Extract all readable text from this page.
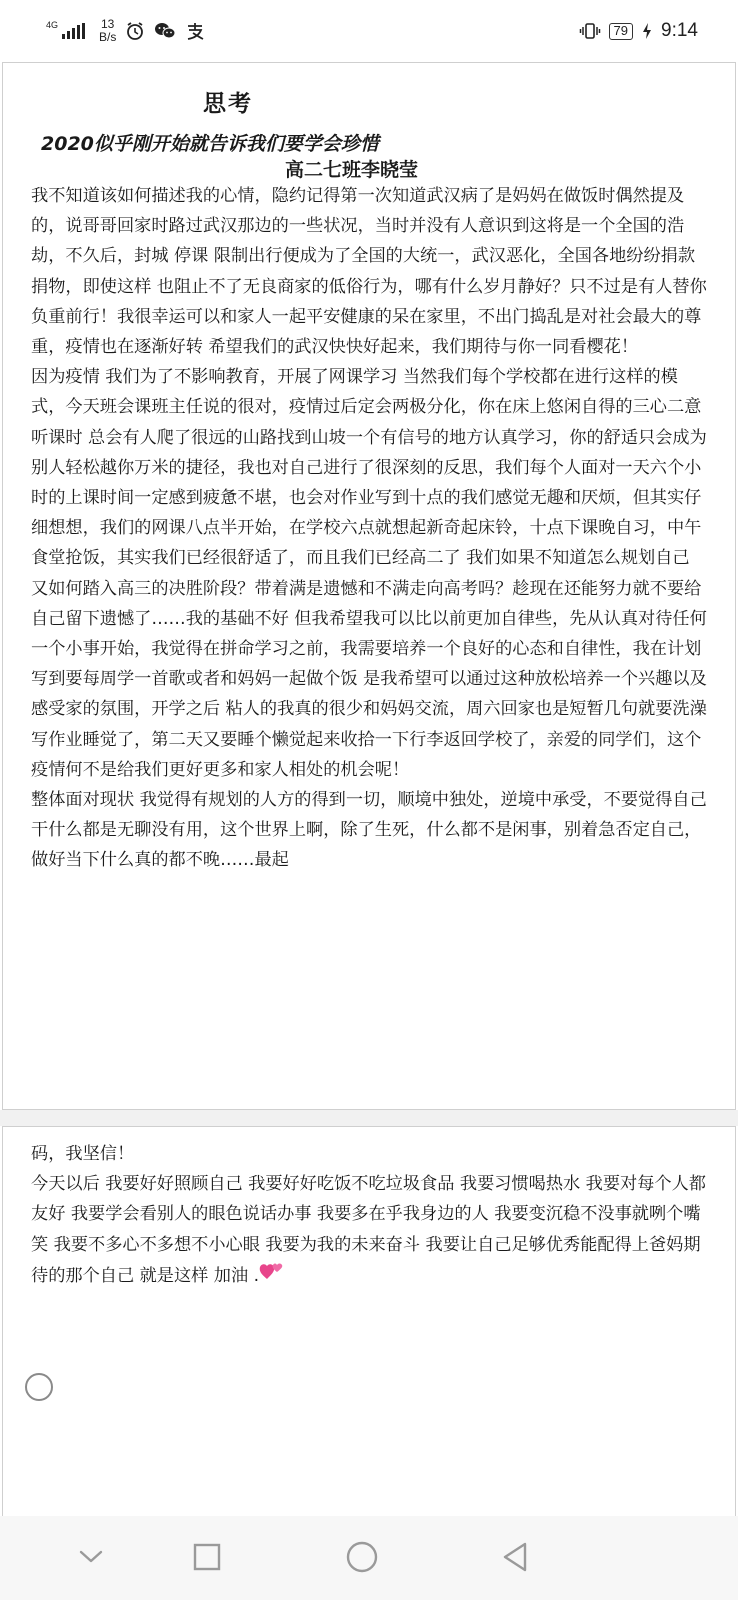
4G	13
B/s	79 9:14
思考
2020似乎刚开始就告诉我们要学会珍惜
高二七班李晓莹

我不知道该如何描述我的心情，隐约记得第一次知道武汉病了是妈妈在做饭时偶然提及的，说哥哥回家时路过武汉那边的一些状况，当时并没有人意识到这将是一个全国的浩劫，不久后，封城 停课 限制出行便成为了全国的大统一，武汉恶化，全国各地纷纷捐款捐物，即使这样 也阻止不了无良商家的低俗行为，哪有什么岁月静好？只不过是有人替你负重前行！我很幸运可以和家人一起平安健康的呆在家里，不出门捣乱是对社会最大的尊重，疫情也在逐渐好转 希望我们的武汉快快好起来，我们期待与你一同看樱花！

因为疫情 我们为了不影响教育，开展了网课学习 当然我们每个学校都在进行这样的模式，今天班会课班主任说的很对，疫情过后定会两极分化，你在床上悠闲自得的三心二意听课时 总会有人爬了很远的山路找到山坡一个有信号的地方认真学习，你的舒适只会成为别人轻松越你万米的捷径，我也对自己进行了很深刻的反思，我们每个人面对一天六个小时的上课时间一定感到疲惫不堪，也会对作业写到十点的我们感觉无趣和厌烦，但其实仔细想想，我们的网课八点半开始，在学校六点就想起新奇起床铃，十点下课晚自习，中午食堂抢饭，其实我们已经很舒适了，而且我们已经高二了 我们如果不知道怎么规划自己 又如何踏入高三的决胜阶段？带着满是遗憾和不满走向高考吗？趁现在还能努力就不要给自己留下遗憾了……我的基础不好 但我希望我可以比以前更加自律些，先从认真对待任何一个小事开始，我觉得在拼命学习之前，我需要培养一个良好的心态和自律性，我在计划写到要每周学一首歌或者和妈妈一起做个饭 是我希望可以通过这种放松培养一个兴趣以及感受家的氛围，开学之后 粘人的我真的很少和妈妈交流，周六回家也是短暂几句就要洗澡写作业睡觉了，第二天又要睡个懒觉起来收拾一下行李返回学校了，亲爱的同学们，这个疫情何不是给我们更好更多和家人相处的机会呢！

整体面对现状 我觉得有规划的人方的得到一切，顺境中独处，逆境中承受，不要觉得自己干什么都是无聊没有用，这个世界上啊，除了生死，什么都不是闲事，别着急否定自己，做好当下什么真的都不晚……最起

码，我坚信！

今天以后 我要好好照顾自己 我要好好吃饭不吃垃圾食品 我要习惯喝热水 我要对每个人都友好 我要学会看别人的眼色说话办事 我要多在乎我身边的人 我要变沉稳不没事就咧个嘴笑 我要不多心不多想不小心眼 我要为我的未来奋斗 我要让自己足够优秀能配得上爸妈期待的那个自己 就是这样 加油 .
